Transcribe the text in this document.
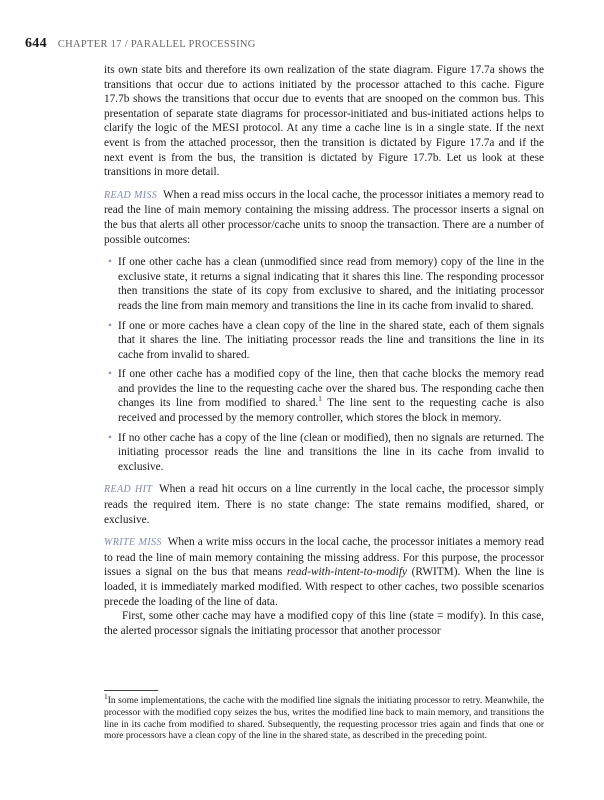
644 CHAPTER 17 / PARALLEL PROCESSING

its own state bits and therefore its own realization of the state diagram. Figure 17.7a shows the transitions that occur due to actions initiated by the processor attached to this cache. Figure 17.7b shows the transitions that occur due to events that are snooped on the common bus. This presentation of separate state diagrams for processor-initiated and bus-initiated actions helps to clarify the logic of the MESI protocol. At any time a cache line is in a single state. If the next event is from the attached processor, then the transition is dictated by Figure 17.7a and if the next event is from the bus, the transition is dictated by Figure 17.7b. Let us look at these transitions in more detail.

READ MISS When a read miss occurs in the local cache, the processor initiates a memory read to read the line of main memory containing the missing address. The processor inserts a signal on the bus that alerts all other processor/cache units to snoop the transaction. There are a number of possible outcomes:

• If one other cache has a clean (unmodified since read from memory) copy of the line in the exclusive state, it returns a signal indicating that it shares this line. The responding processor then transitions the state of its copy from exclusive to shared, and the initiating processor reads the line from main memory and transitions the line in its cache from invalid to shared.
• If one or more caches have a clean copy of the line in the shared state, each of them signals that it shares the line. The initiating processor reads the line and transitions the line in its cache from invalid to shared.
• If one other cache has a modified copy of the line, then that cache blocks the memory read and provides the line to the requesting cache over the shared bus. The responding cache then changes its line from modified to shared.$^1$ The line sent to the requesting cache is also received and processed by the memory controller, which stores the block in memory.
• If no other cache has a copy of the line (clean or modified), then no signals are returned. The initiating processor reads the line and transitions the line in its cache from invalid to exclusive.

READ HIT When a read hit occurs on a line currently in the local cache, the processor simply reads the required item. There is no state change: The state remains modified, shared, or exclusive.

WRITE MISS When a write miss occurs in the local cache, the processor initiates a memory read to read the line of main memory containing the missing address. For this purpose, the processor issues a signal on the bus that means read-with-intent-to-modify (RWITM). When the line is loaded, it is immediately marked modified. With respect to other caches, two possible scenarios precede the loading of the line of data.

First, some other cache may have a modified copy of this line (state = modify). In this case, the alerted processor signals the initiating processor that another processor

$^1$In some implementations, the cache with the modified line signals the initiating processor to retry. Meanwhile, the processor with the modified copy seizes the bus, writes the modified line back to main memory, and transitions the line in its cache from modified to shared. Subsequently, the requesting processor tries again and finds that one or more processors have a clean copy of the line in the shared state, as described in the preceding point.
